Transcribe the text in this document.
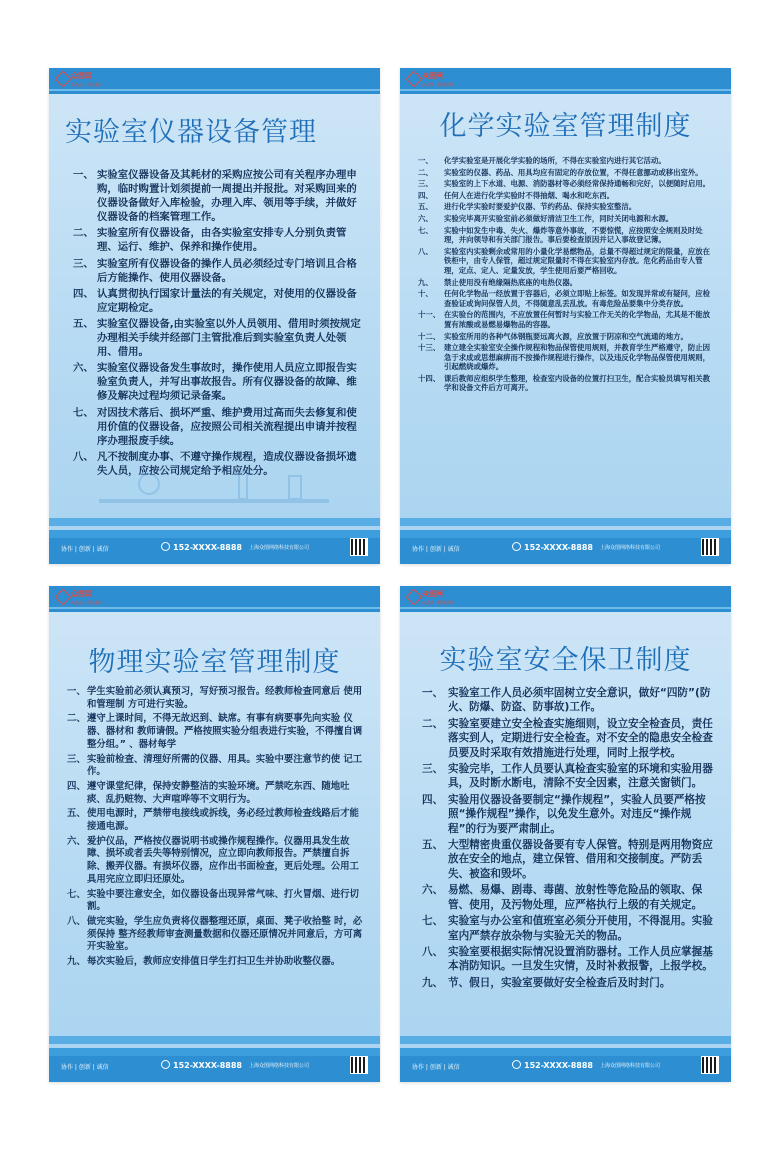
众图网
高品质 · 精选素材
实验室仪器设备管理
一、 实验室仪器设备及其耗材的采购应按公司有关程序办理申购，临时购置计划须提前一周提出并报批。对采购回来的仪器设备做好入库检验，办理入库、领用等手续，并做好仪器设备的档案管理工作。
二、 实验室所有仪器设备，由各实验室安排专人分别负责管理、运行、维护、保养和操作使用。
三、 实验室所有仪器设备的操作人员必须经过专门培训且合格后方能操作、使用仪器设备。
四、 认真贯彻执行国家计量法的有关规定，对使用的仪器设备应定期检定。
五、 实验室仪器设备,由实验室以外人员领用、借用时须按规定办理相关手续并经部门主管批准后到实验室负责人处领用、借用。
六、 实验室仪器设备发生事故时，操作使用人员应立即报告实验室负责人，并写出事故报告。所有仪器设备的故障、维修及解决过程均须记录备案。
七、 对因技术落后、损坏严重、维护费用过高而失去修复和使用价值的仪器设备，应按照公司相关流程提出申请并按程序办理报废手续。
八、 凡不按制度办事、不遵守操作规程，造成仪器设备损坏遗失人员，应按公司规定给予相应处分。
协作 | 创新 | 诚信	152-XXXX-8888 上海众图网络科技有限公司
众图网
高品质 · 精选素材
化学实验室管理制度
一、	化学实验室是开展化学实验的场所，不得在实验室内进行其它活动。
二、	实验室的仪器、药品、用具均应有固定的存放位置，不得任意挪动或移出室外。
三、	实验室的上下水道、电源、消防器材等必须经常保持通畅和完好，以便随时启用。
四、	任何人在进行化学实验时不得抽烟、喝水和吃东西。
五、	进行化学实验时要爱护仪器、节约药品、保持实验室整洁。
六、	实验完毕离开实验室前必须做好清洁卫生工作，同时关闭电源和水源。
七、	实验中如发生中毒、失火、爆炸等意外事故，不要惊慌，应按照安全规则及时处理，并向领导和有关部门报告。事后要检查原因并记入事故登记簿。
八、	实验室内实验剩余或常用的小量化学易燃物品，总量不得超过规定的限量，应放在铁柜中，由专人保管，超过规定限量时不得在实验室内存放。危化药品由专人管理，定点、定人、定量发放，学生使用后要严格回收。
九、	禁止使用没有绝缘隔热底座的电热仪器。
十、	任何化学物品一经放置于容器后，必须立即贴上标签。如发现异常或有疑问，应检查验证或询问保管人员，不得随意乱丢乱放。有毒危险品要集中分类存放。
十一、 在实验台的范围内，不应放置任何暂时与实验工作无关的化学物品，尤其是不能放置有浓酸或易燃易爆物品的容器。
十二、 实验室所用的各种气体钢瓶要远离火源，应放置于阴凉和空气流通的地方。
十三、 建立建全实验室安全操作规程和物品保管使用规则，并教育学生严格遵守，防止因急于求成或思想麻痹而不按操作规程进行操作，以及违反化学物品保管使用规则，引起燃烧或爆炸。
十四、 课后教师应组织学生整理，检查室内设备的位置打扫卫生，配合实验员填写相关教学和设备文件后方可离开。
协作 | 创新 | 诚信	152-XXXX-8888 上海众图网络科技有限公司
众图网
高品质 · 精选素材
物理实验室管理制度
一、 学生实验前必须认真预习，写好预习报告。经教师检查同意后 使用和管理制 方可进行实验。
二、 遵守上课时间，不得无故迟到、缺席。有事有病要事先向实验 仪器、器材和 教师请假。严格按照实验分组表进行实验，不得擅自调整分组。” 、器材每学
三、 实验前检查、清理好所需的仪器、用具。实验中要注意节约使 记工作。
四、 遵守课堂纪律，保持安静整洁的实验环境。严禁吃东西、随地吐痰、乱扔赃物、大声喧哗等不文明行为。
五、 使用电源时，严禁带电接线或拆线，务必经过教师检查线路后才能接通电源。
六、 爱护仪品，严格按仪器说明书或操作规程操作。仪器用具发生故障、损坏或者丢失等特别情况，应立即向教师报告。严禁擅自拆除、搬弄仪器。有损坏仪器，应作出书面检查，更后处理。公用工具用完应立即归还原处。
七、 实验中要注意安全，如仪器设备出现异常气味、打火冒烟、进行切割。
八、 做完实验，学生应负责将仪器整理还原，桌面、凳子收拾整 时，必须保持 整齐经教师审查测量数据和仪器还原情况并同意后，方可离开实验室。
九、 每次实验后，教师应安排值日学生打扫卫生并协助收整仪器。
协作 | 创新 | 诚信	152-XXXX-8888 上海众图网络科技有限公司
众图网
高品质 · 精选素材
实验室安全保卫制度
一、 实验室工作人员必须牢固树立安全意识，做好“四防”(防火、防爆、防盗、防事故)工作。
二、 实验室要建立安全检查实施细则，设立安全检查员，责任落实到人，定期进行安全检查。对不安全的隐患安全检查员要及时采取有效措施进行处理，同时上报学校。
三、 实验完毕，工作人员要认真检查实验室的环境和实验用器具，及时断水断电，清除不安全因素，注意关窗锁门。
四、 实验用仪器设备要制定“操作规程”，实验人员要严格按照“操作规程”操作，以免发生意外。对违反“操作规程”的行为要严肃制止。
五、 大型精密贵重仪器设备要有专人保管。特别是两用物资应放在安全的地点，建立保管、借用和交接制度。严防丢失、被盗和毁坏。
六、 易燃、易爆、剧毒、毒菌、放射性等危险品的领取、保管、使用，及污物处理，应严格执行上级的有关规定。
七、 实验室与办公室和值班室必须分开使用，不得混用。实验室内严禁存放杂物与实验无关的物品。
八、 实验室要根据实际情况设置消防器材。工作人员应掌握基本消防知识。一旦发生灾情，及时补救报警，上报学校。
九、 节、假日，实验室要做好安全检查后及时封门。
协作 | 创新 | 诚信	152-XXXX-8888 上海众图网络科技有限公司
